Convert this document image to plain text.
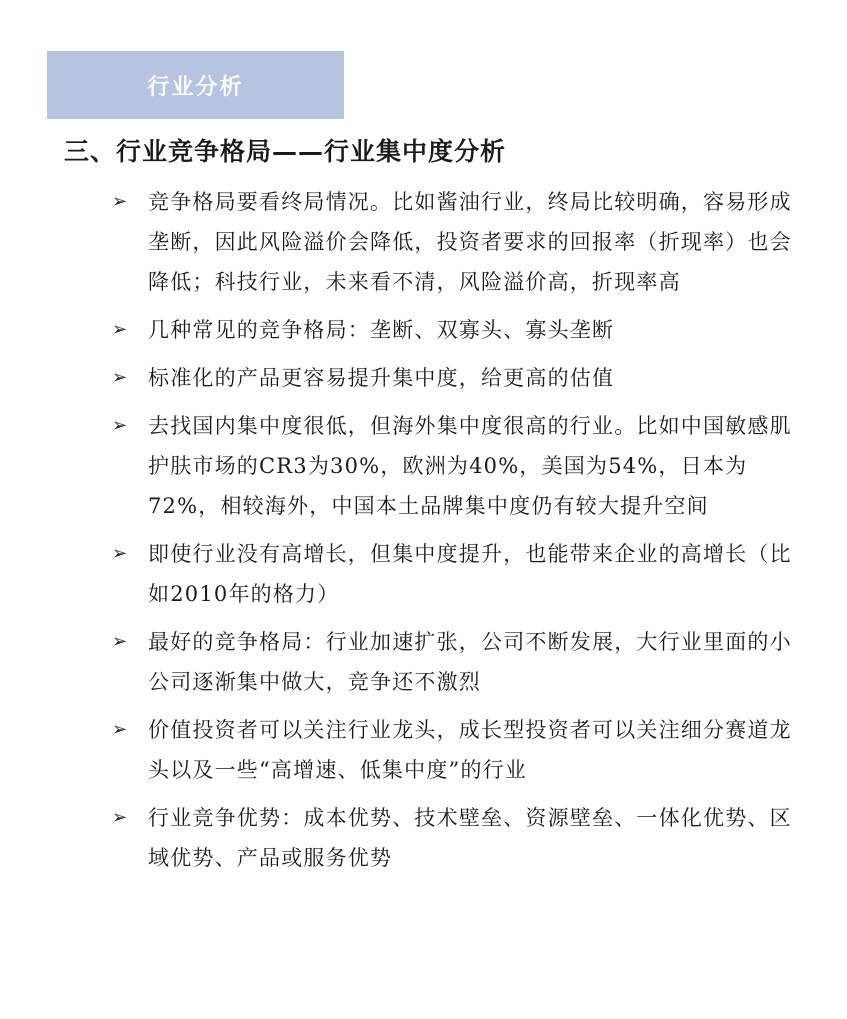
行业分析
三、行业竞争格局——行业集中度分析
➢ 竞争格局要看终局情况。比如酱油行业，终局比较明确，容易形成垄断，因此风险溢价会降低，投资者要求的回报率（折现率）也会降低；科技行业，未来看不清，风险溢价高，折现率高
➢ 几种常见的竞争格局：垄断、双寡头、寡头垄断
➢ 标准化的产品更容易提升集中度，给更高的估值
➢ 去找国内集中度很低，但海外集中度很高的行业。比如中国敏感肌护肤市场的CR3为30%，欧洲为40%，美国为54%，日本为72%，相较海外，中国本土品牌集中度仍有较大提升空间
➢ 即使行业没有高增长，但集中度提升，也能带来企业的高增长（比如2010年的格力）
➢ 最好的竞争格局：行业加速扩张，公司不断发展，大行业里面的小公司逐渐集中做大，竞争还不激烈
➢ 价值投资者可以关注行业龙头，成长型投资者可以关注细分赛道龙头以及一些“高增速、低集中度”的行业
➢ 行业竞争优势：成本优势、技术壁垒、资源壁垒、一体化优势、区域优势、产品或服务优势
